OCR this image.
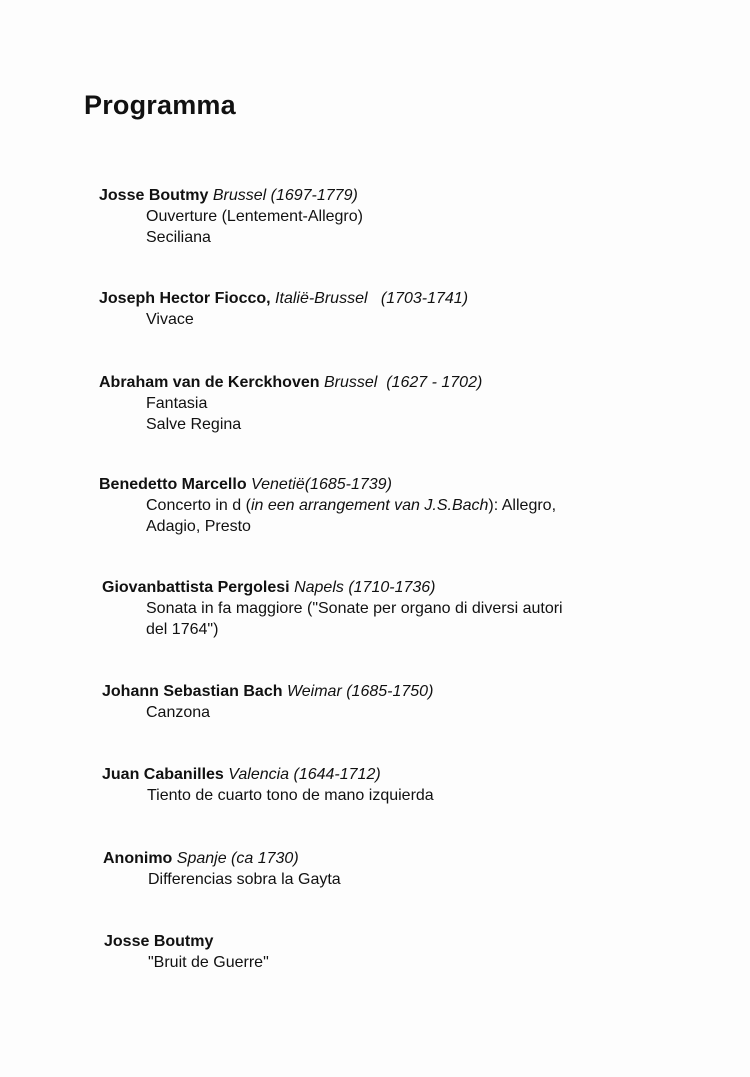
Programma
Josse Boutmy Brussel (1697-1779)
Ouverture (Lentement-Allegro)
Seciliana
Joseph Hector Fiocco, Italië-Brussel   (1703-1741)
Vivace
Abraham van de Kerckhoven Brussel  (1627 - 1702)
Fantasia
Salve Regina
Benedetto Marcello Venetië(1685-1739)
Concerto in d (in een arrangement van J.S.Bach): Allegro,
Adagio, Presto
Giovanbattista Pergolesi Napels (1710-1736)
Sonata in fa maggiore ("Sonate per organo di diversi autori
del 1764")
Johann Sebastian Bach Weimar (1685-1750)
Canzona
Juan Cabanilles Valencia (1644-1712)
Tiento de cuarto tono de mano izquierda
Anonimo Spanje (ca 1730)
Differencias sobra la Gayta
Josse Boutmy
"Bruit de Guerre"
